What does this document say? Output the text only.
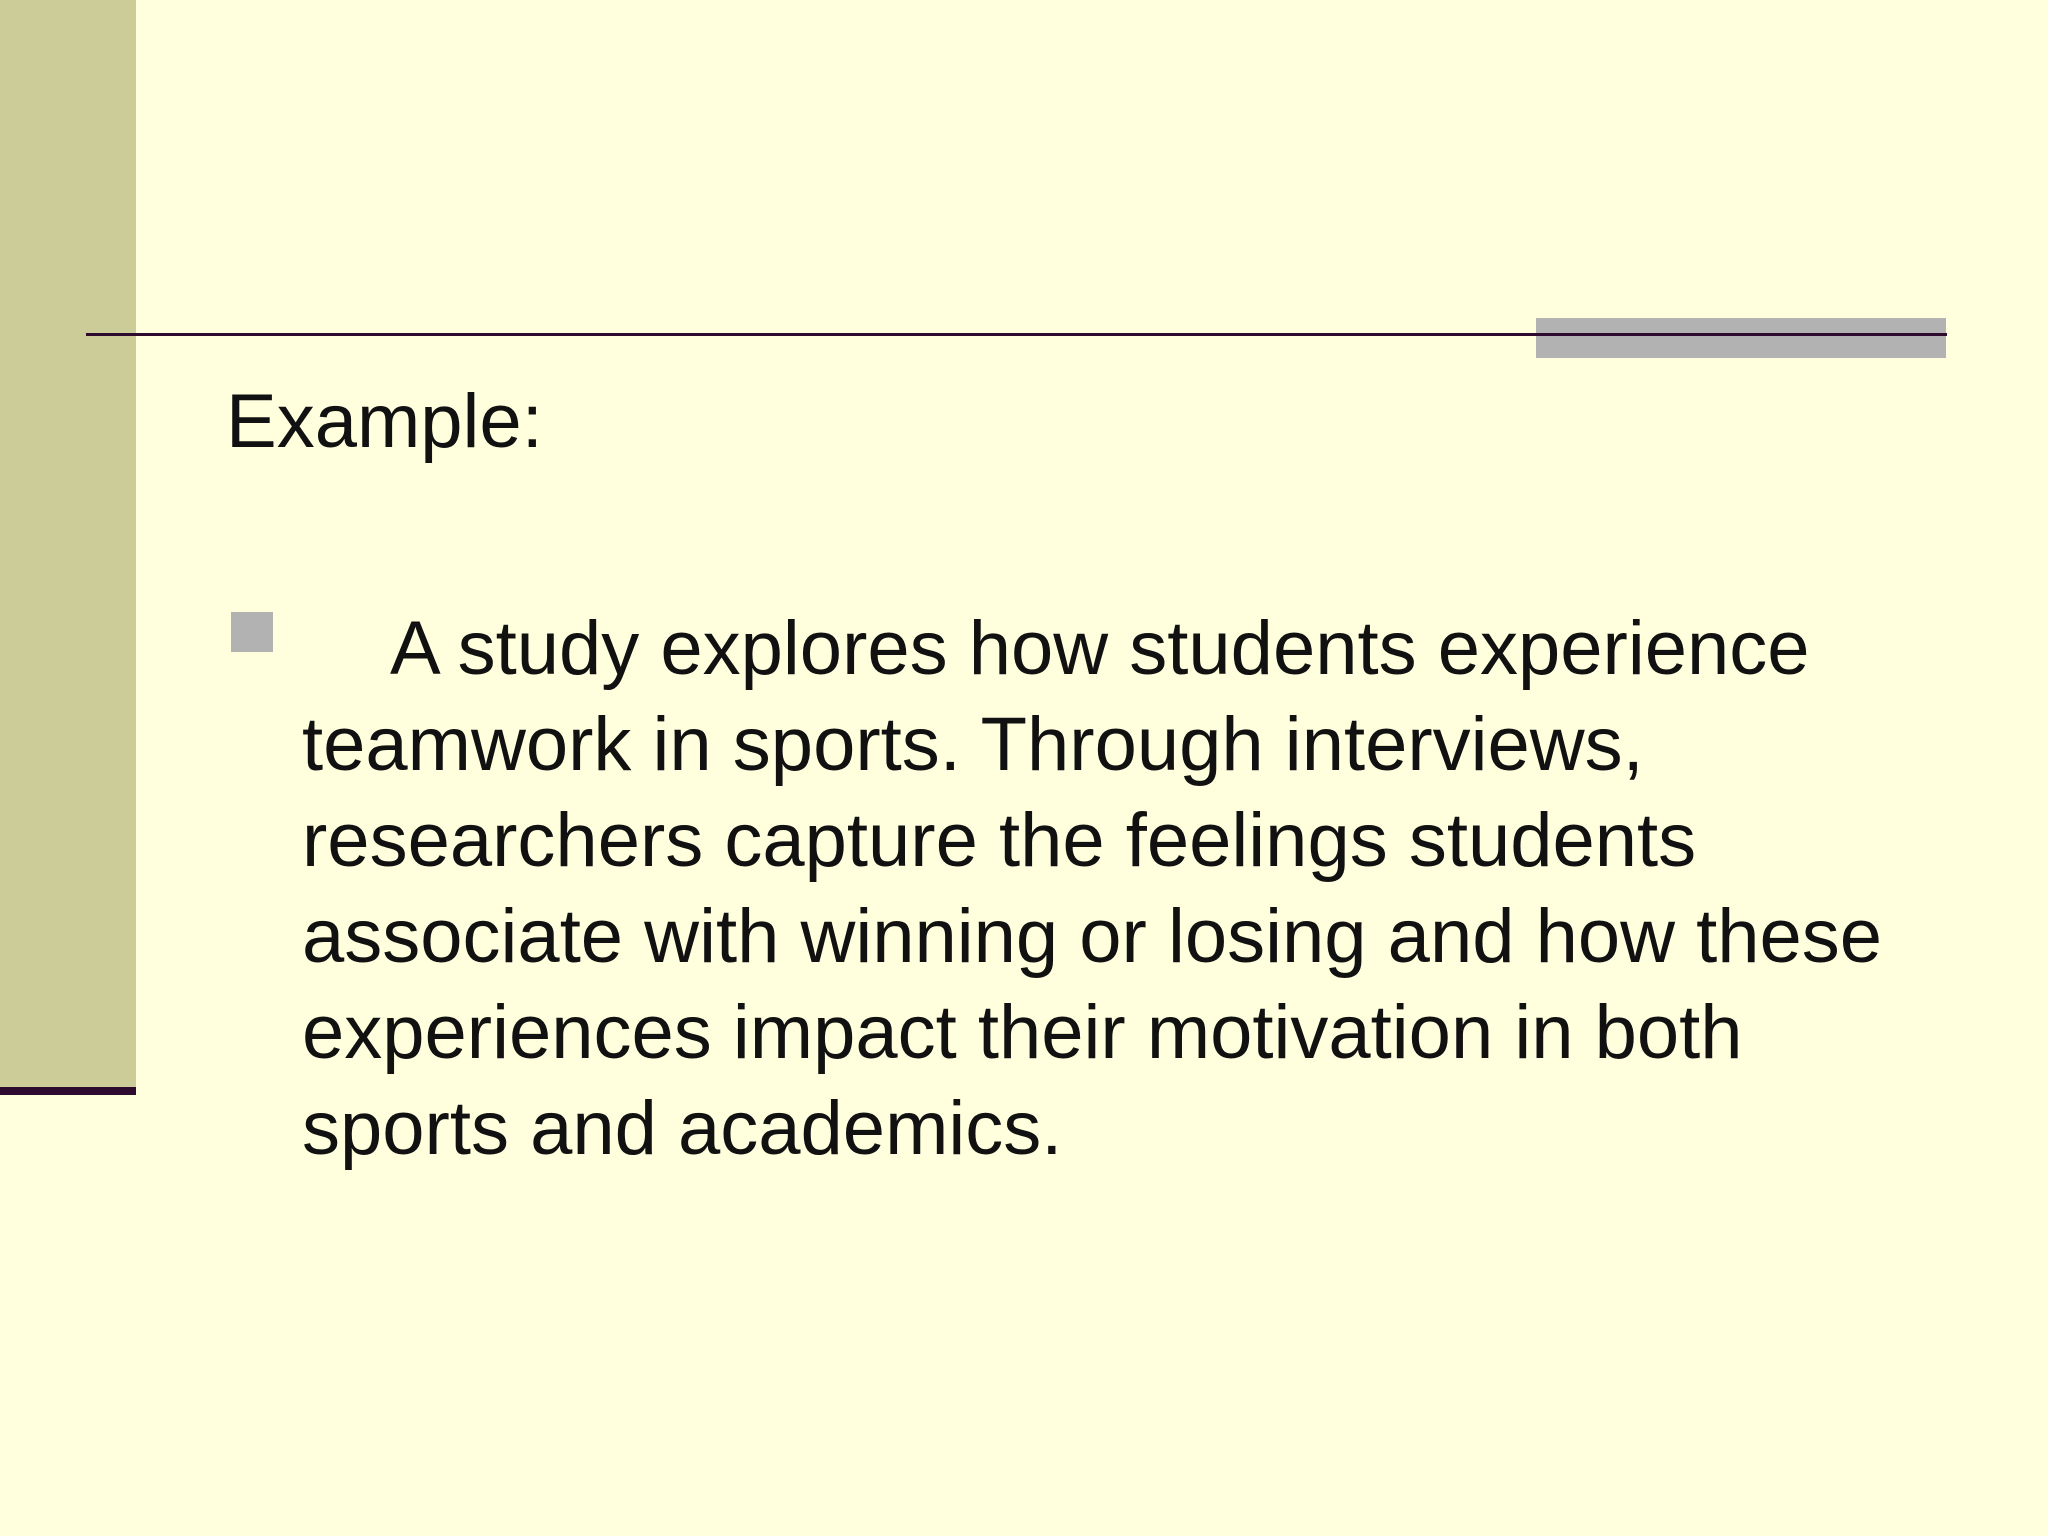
Example:

A study explores how students experience teamwork in sports. Through interviews, researchers capture the feelings students associate with winning or losing and how these experiences impact their motivation in both sports and academics.
